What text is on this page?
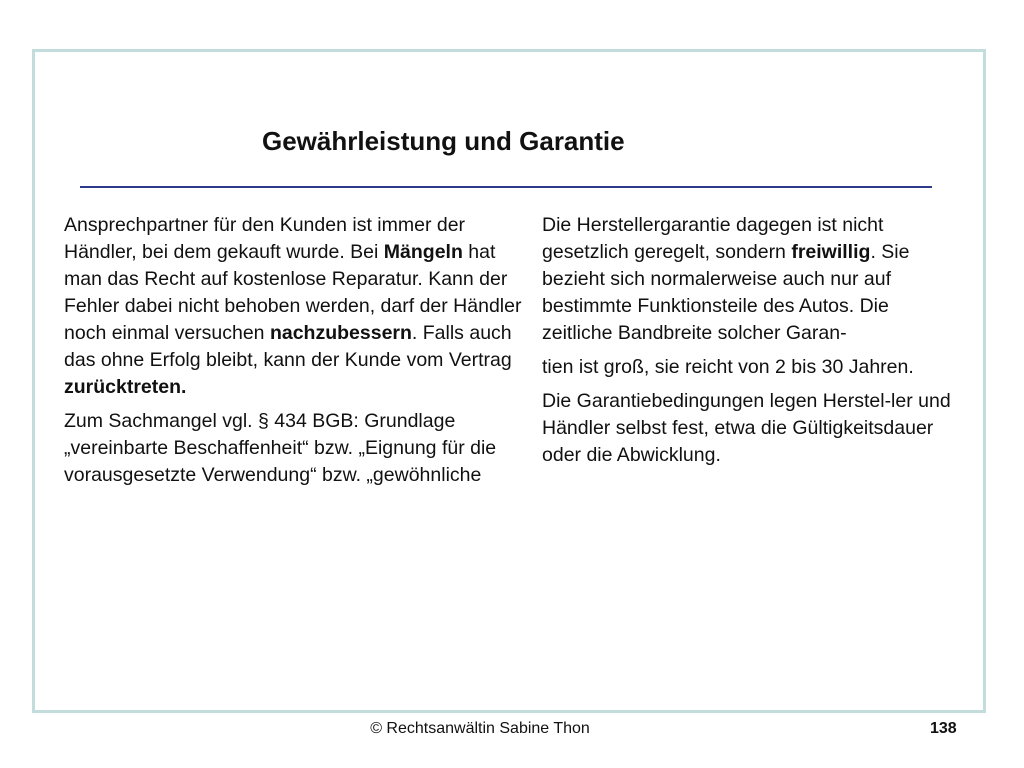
Gewährleistung und Garantie

Ansprechpartner für den Kunden ist immer der Händler, bei dem gekauft wurde. Bei Mängeln hat man das Recht auf kostenlose Reparatur. Kann der Fehler dabei nicht behoben werden, darf der Händler noch einmal versuchen nachzubessern. Falls auch das ohne Erfolg bleibt, kann der Kunde vom Vertrag zurücktreten.

Zum Sachmangel vgl. § 434 BGB: Grundlage „vereinbarte Beschaffenheit“ bzw. „Eignung für die vorausgesetzte Verwendung“ bzw. „gewöhnliche

Die Herstellergarantie dagegen ist nicht gesetzlich geregelt, sondern freiwillig. Sie bezieht sich normalerweise auch nur auf bestimmte Funktionsteile des Autos. Die zeitliche Bandbreite solcher Garan-

tien ist groß, sie reicht von 2 bis 30 Jahren.

Die Garantiebedingungen legen Herstel-ler und Händler selbst fest, etwa die Gültigkeitsdauer oder die Abwicklung.

© Rechtsanwältin Sabine Thon	138
